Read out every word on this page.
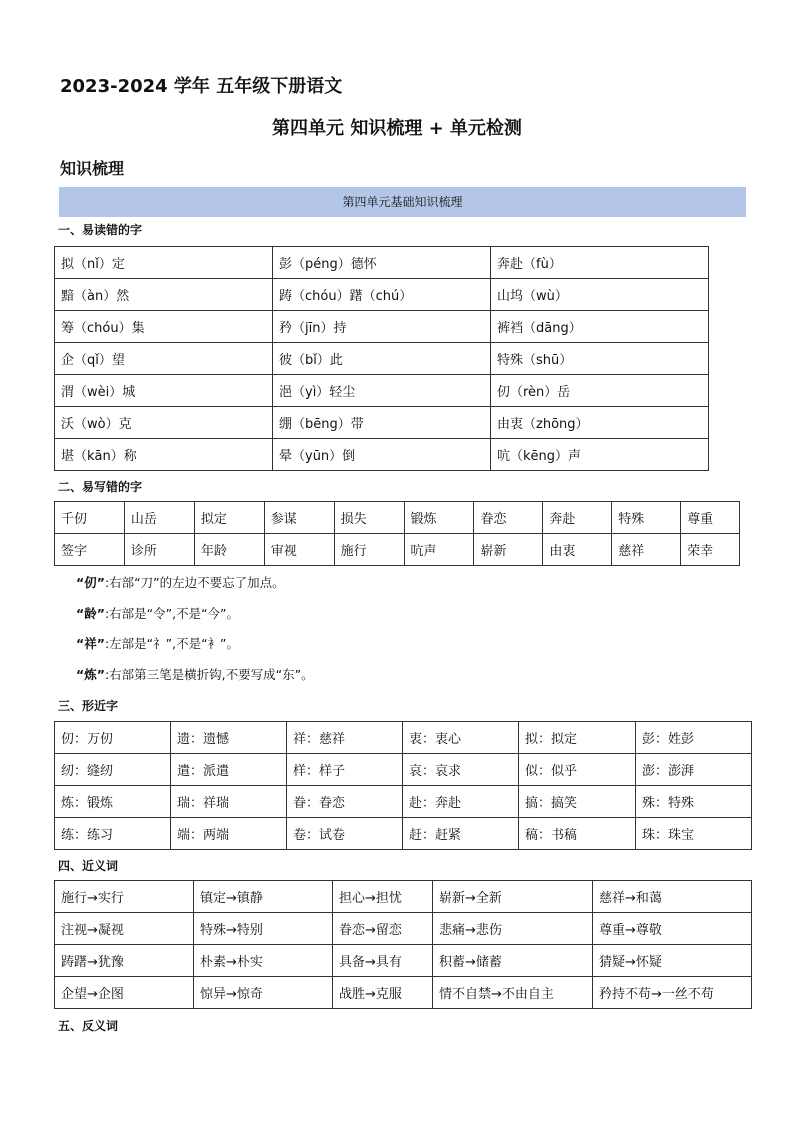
2023-2024 学年 五年级下册语文
第四单元 知识梳理 + 单元检测
知识梳理
第四单元基础知识梳理
一、易读错的字
拟（nǐ）定	彭（péng）德怀	奔赴（fù）
黯（àn）然	踌（chóu）躇（chú）	山坞（wù）
筹（chóu）集	矜（jīn）持	裤裆（dāng）
企（qǐ）望	彼（bǐ）此	特殊（shū）
渭（wèi）城	浥（yì）轻尘	仞（rèn）岳
沃（wò）克	绷（bēng）带	由衷（zhōng）
堪（kān）称	晕（yūn）倒	吭（kēng）声
二、易写错的字
千仞	山岳	拟定	参谋	损失	锻炼	眷恋	奔赴	特殊	尊重
签字	诊所	年龄	审视	施行	吭声	崭新	由衷	慈祥	荣幸
“仞”:右部“刀”的左边不要忘了加点。
“龄”:右部是“令”,不是“今”。
“祥”:左部是“礻”,不是“衤”。
“炼”:右部第三笔是横折钩,不要写成“东”。
三、形近字
仞：万仞	遗：遗憾	祥：慈祥	衷：衷心	拟：拟定	彭：姓彭
纫：缝纫	遣：派遣	样：样子	哀：哀求	似：似乎	澎：澎湃
炼：锻炼	瑞：祥瑞	眷：眷恋	赴：奔赴	搞：搞笑	殊：特殊
练：练习	端：两端	卷：试卷	赶：赶紧	稿：书稿	珠：珠宝
四、近义词
施行→实行	镇定→镇静	担心→担忧	崭新→全新	慈祥→和蔼
注视→凝视	特殊→特别	眷恋→留恋	悲痛→悲伤	尊重→尊敬
踌躇→犹豫	朴素→朴实	具备→具有	积蓄→储蓄	猜疑→怀疑
企望→企图	惊异→惊奇	战胜→克服	情不自禁→不由自主	矜持不苟→一丝不苟
五、反义词
